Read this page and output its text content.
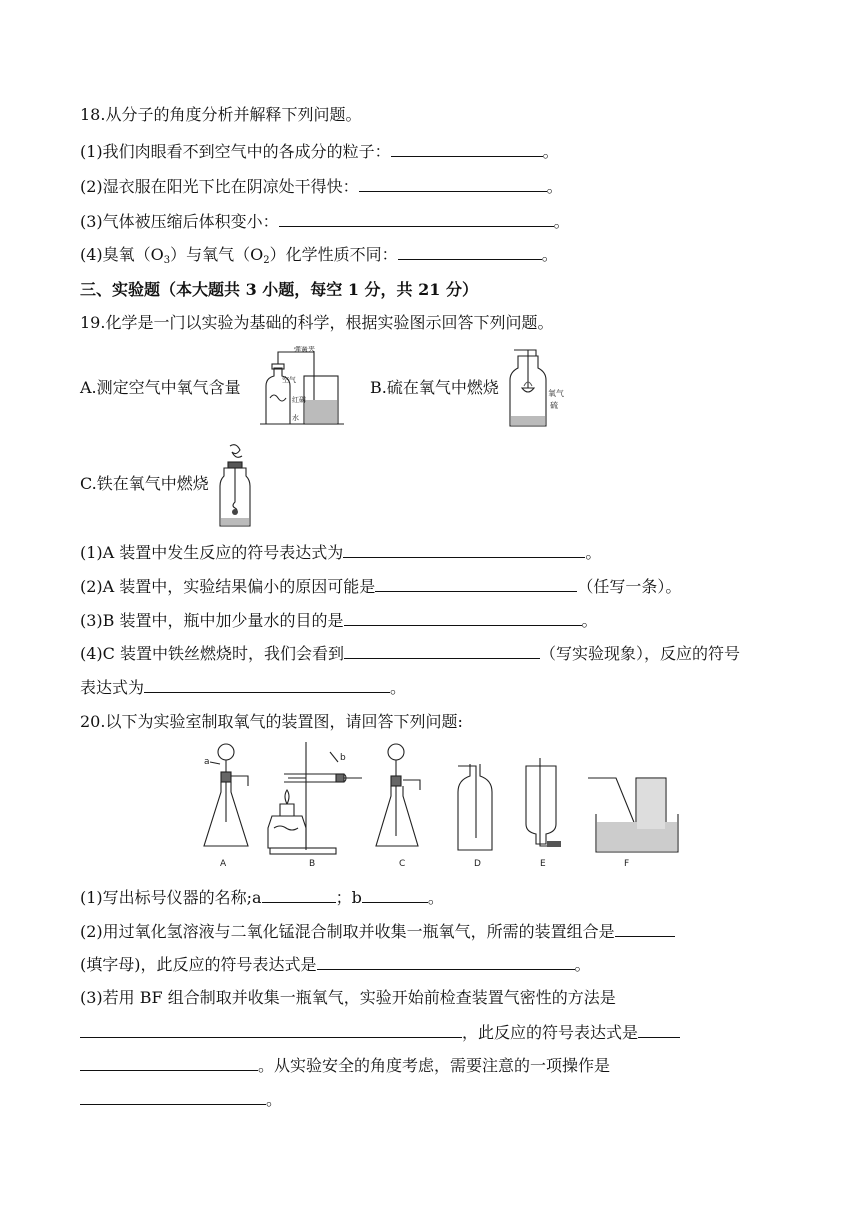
18.从分子的角度分析并解释下列问题。
(1)我们肉眼看不到空气中的各成分的粒子：	。
(2)湿衣服在阳光下比在阴凉处干得快：	。
(3)气体被压缩后体积变小：	。
(4)臭氧$(O_3)$与氧气$(O_2)$化学性质不同：	。
三、实验题（本大题共 3 小题，每空 1 分，共 21 分）
19.化学是一门以实验为基础的科学，根据实验图示回答下列问题。
A.测定空气中氧气含量
弹簧夹
空气
红磷
水
B.硫在氧气中燃烧	氧气
硫
C.铁在氧气中燃烧
(1)A 装置中发生反应的符号表达式为	。
(2)A 装置中，实验结果偏小的原因可能是	（任写一条）。
(3)B 装置中，瓶中加少量水的目的是	。
(4)C 装置中铁丝燃烧时，我们会看到	（写实验现象），反应的符号
表达式为	。
20.以下为实验室制取氧气的装置图，请回答下列问题:
a	b
A	B	C	D	E	F
(1)写出标号仪器的名称;a	；b	。
(2)用过氧化氢溶液与二氧化锰混合制取并收集一瓶氧气，所需的装置组合是
(填字母)，此反应的符号表达式是	。
(3)若用 BF 组合制取并收集一瓶氧气，实验开始前检查装置气密性的方法是
，此反应的符号表达式是
。从实验安全的角度考虑，需要注意的一项操作是
。
